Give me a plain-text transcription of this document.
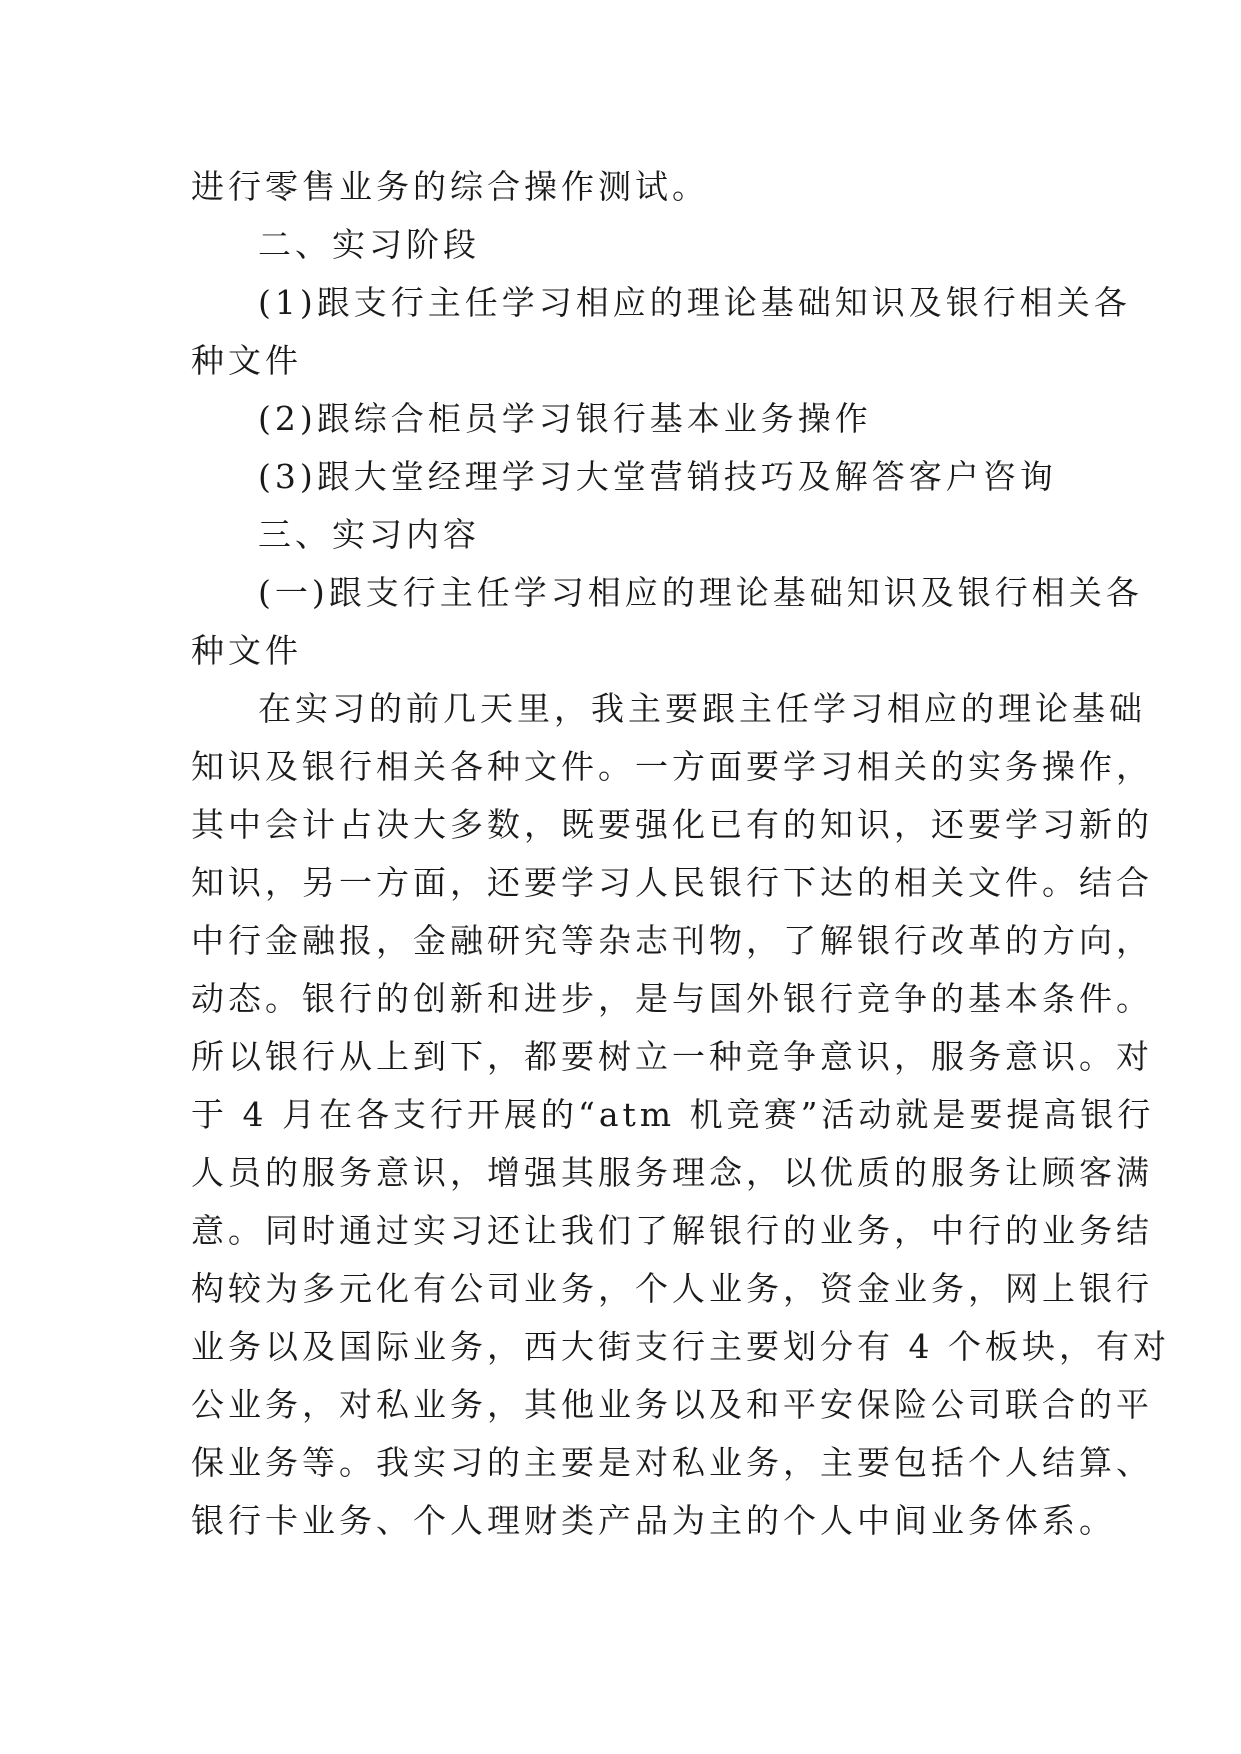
进行零售业务的综合操作测试。
二、实习阶段
(1)跟支行主任学习相应的理论基础知识及银行相关各
种文件
(2)跟综合柜员学习银行基本业务操作
(3)跟大堂经理学习大堂营销技巧及解答客户咨询
三、实习内容
(一)跟支行主任学习相应的理论基础知识及银行相关各
种文件
在实习的前几天里，我主要跟主任学习相应的理论基础
知识及银行相关各种文件。一方面要学习相关的实务操作，
其中会计占决大多数，既要强化已有的知识，还要学习新的
知识，另一方面，还要学习人民银行下达的相关文件。结合
中行金融报，金融研究等杂志刊物，了解银行改革的方向，
动态。银行的创新和进步，是与国外银行竞争的基本条件。
所以银行从上到下，都要树立一种竞争意识，服务意识。对
于 4 月在各支行开展的“atm 机竞赛”活动就是要提高银行
人员的服务意识，增强其服务理念，以优质的服务让顾客满
意。同时通过实习还让我们了解银行的业务，中行的业务结
构较为多元化有公司业务，个人业务，资金业务，网上银行
业务以及国际业务，西大街支行主要划分有 4 个板块，有对
公业务，对私业务，其他业务以及和平安保险公司联合的平
保业务等。我实习的主要是对私业务，主要包括个人结算、
银行卡业务、个人理财类产品为主的个人中间业务体系。
